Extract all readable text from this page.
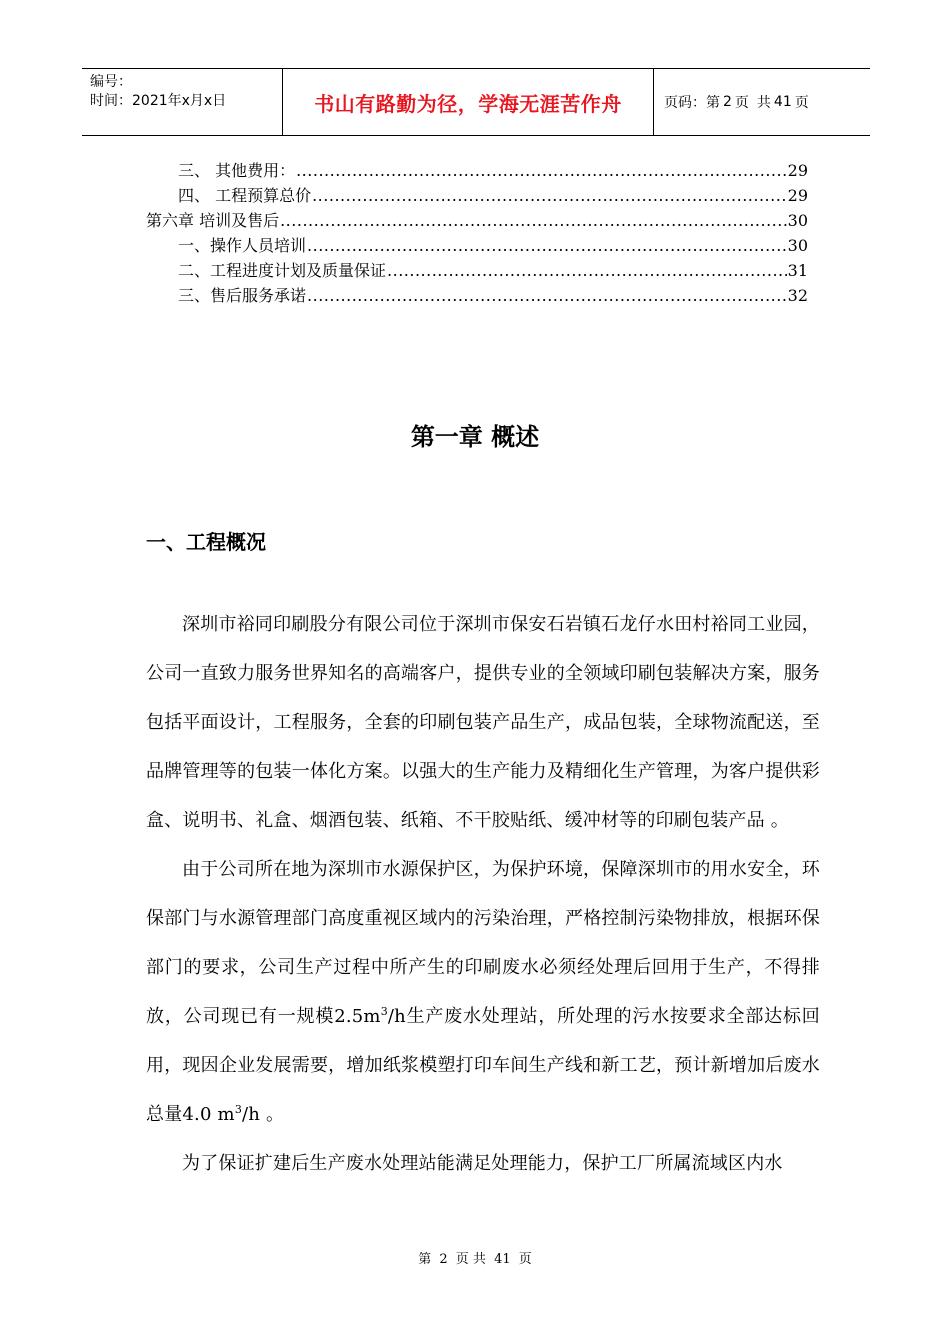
编号：
时间：2021年x月x日	书山有路勤为径，学海无涯苦作舟	页码：第 2 页 共 41 页
三、 其他费用： .....	29
四、 工程预算总价 .....	29
第六章 培训及售后 .....	30
一、操作人员培训 .....	30
二、工程进度计划及质量保证 .....	31
三、售后服务承诺 .....	32
第一章 概述
一、工程概况

深圳市裕同印刷股分有限公司位于深圳市保安石岩镇石龙仔水田村裕同工业园，公司一直致力服务世界知名的高端客户，提供专业的全领域印刷包装解决方案，服务包括平面设计，工程服务，全套的印刷包装产品生产，成品包装，全球物流配送，至品牌管理等的包装一体化方案。以强大的生产能力及精细化生产管理，为客户提供彩盒、说明书、礼盒、烟酒包装、纸箱、不干胶贴纸、缓冲材等的印刷包装产品 。

由于公司所在地为深圳市水源保护区，为保护环境，保障深圳市的用水安全，环保部门与水源管理部门高度重视区域内的污染治理，严格控制污染物排放，根据环保部门的要求，公司生产过程中所产生的印刷废水必须经处理后回用于生产，不得排放，公司现已有一规模$2.5m^3/h$生产废水处理站，所处理的污水按要求全部达标回用，现因企业发展需要，增加纸浆模塑打印车间生产线和新工艺，预计新增加后废水总量4.0 $m^3/h$ 。

为了保证扩建后生产废水处理站能满足处理能力，保护工厂所属流域区内水

第 2 页 共 41 页
